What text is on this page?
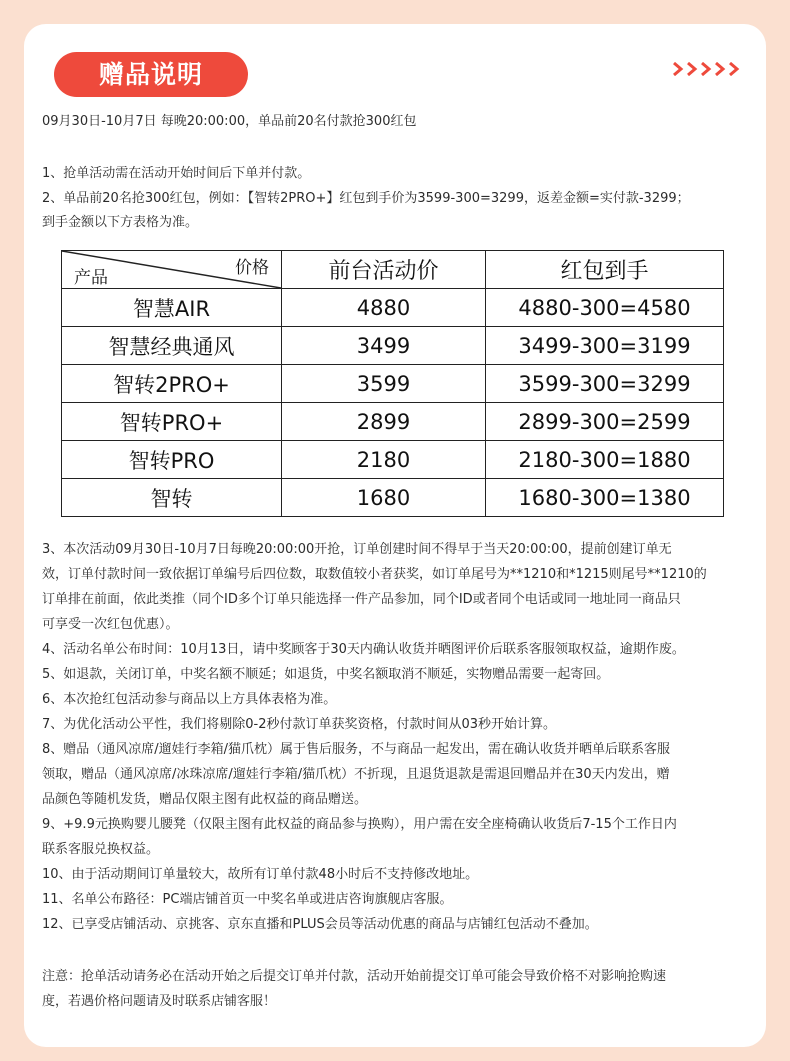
赠品说明
09月30日-10月7日 每晚20:00:00，单品前20名付款抢300红包
1、抢单活动需在活动开始时间后下单并付款。
2、单品前20名抢300红包，例如：【智转2PRO+】红包到手价为3599-300=3299，返差金额=实付款-3299；
到手金额以下方表格为准。
价格
产品	前台活动价	红包到手
智慧AIR	4880	4880-300=4580
智慧经典通风	3499	3499-300=3199
智转2PRO+	3599	3599-300=3299
智转PRO+	2899	2899-300=2599
智转PRO	2180	2180-300=1880
智转	1680	1680-300=1380
3、本次活动09月30日-10月7日每晚20:00:00开抢，订单创建时间不得早于当天20:00:00，提前创建订单无
效，订单付款时间一致依据订单编号后四位数，取数值较小者获奖，如订单尾号为**1210和*1215则尾号**1210的
订单排在前面，依此类推（同个ID多个订单只能选择一件产品参加，同个ID或者同个电话或同一地址同一商品只
可享受一次红包优惠）。
4、活动名单公布时间：10月13日，请中奖顾客于30天内确认收货并晒图评价后联系客服领取权益，逾期作废。
5、如退款，关闭订单，中奖名额不顺延；如退货，中奖名额取消不顺延，实物赠品需要一起寄回。
6、本次抢红包活动参与商品以上方具体表格为准。
7、为优化活动公平性，我们将剔除0-2秒付款订单获奖资格，付款时间从03秒开始计算。
8、赠品（通风凉席/遛娃行李箱/猫爪枕）属于售后服务，不与商品一起发出，需在确认收货并晒单后联系客服
领取，赠品（通风凉席/冰珠凉席/遛娃行李箱/猫爪枕）不折现，且退货退款是需退回赠品并在30天内发出，赠
品颜色等随机发货，赠品仅限主图有此权益的商品赠送。
9、+9.9元换购婴儿腰凳（仅限主图有此权益的商品参与换购），用户需在安全座椅确认收货后7-15个工作日内
联系客服兑换权益。
10、由于活动期间订单量较大，故所有订单付款48小时后不支持修改地址。
11、名单公布路径：PC端店铺首页一中奖名单或进店咨询旗舰店客服。
12、已享受店铺活动、京挑客、京东直播和PLUS会员等活动优惠的商品与店铺红包活动不叠加。
注意：抢单活动请务必在活动开始之后提交订单并付款，活动开始前提交订单可能会导致价格不对影响抢购速
度，若遇价格问题请及时联系店铺客服！
